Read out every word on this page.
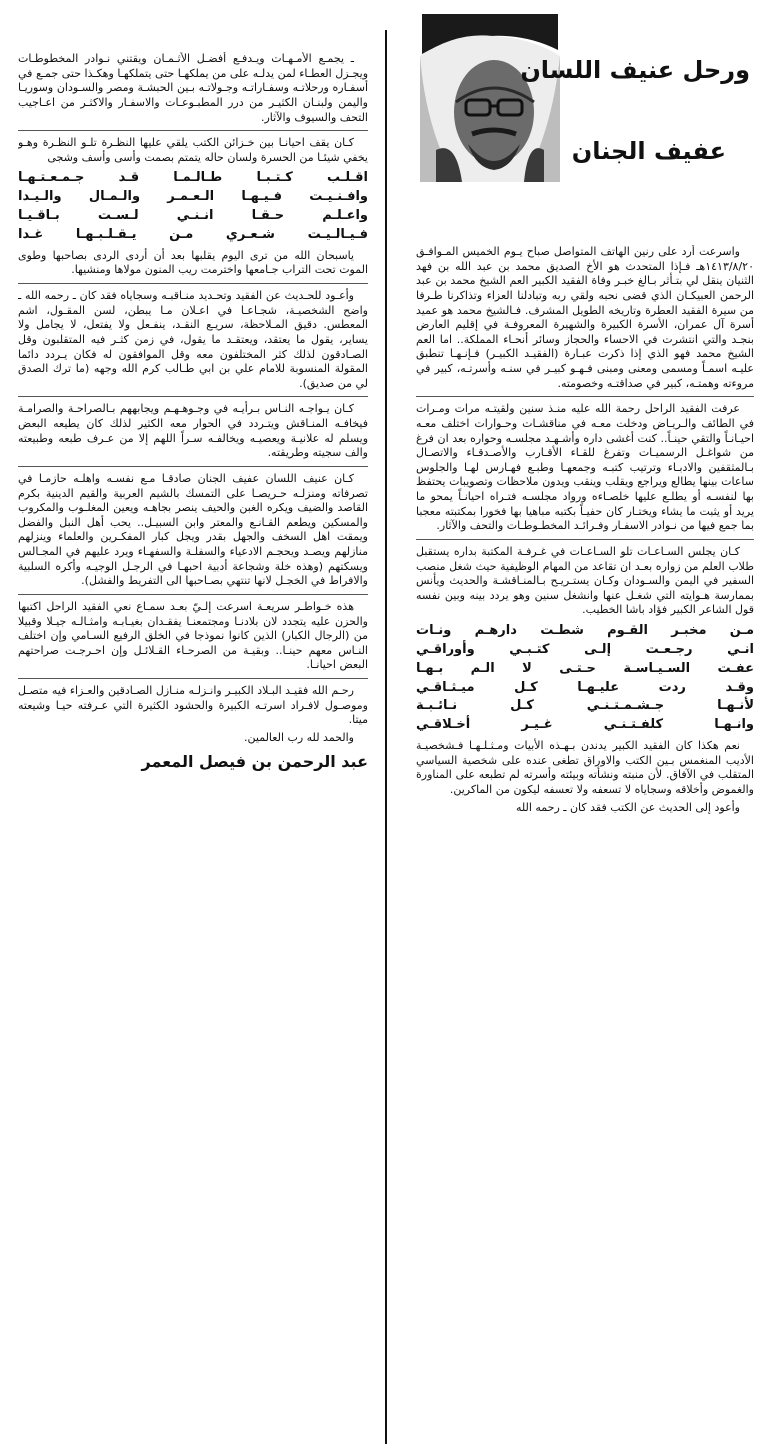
ورحل عنيف اللسان
عفيف الجنان

واسرعت أرد على رنين الهاتف المتواصل صباح يـوم الخميس المـوافـق ١٤١٣/٨/٢٠هـ فـإذا المتحدث هو الأخ الصديق محمد بن عبد الله بن فهد الثنيان ينقل لي بتـأثر بـالغ خبـر وفاة الفقيد الكبير العم الشيخ محمد بن عبد الرحمن العبيكـان الذي قضى نحبه ولقي ربه وتبادلنا العزاء وتذاكرنا طـرفا من سيرة الفقيد العطرة وتاريخه الطويل المشرف. فـالشيخ محمد هو عميد أسرة آل عمران، الأسرة الكبيرة والشهيرة المعروفـة في إقليم العارض بنجـد والتي انتشرت في الاحساء والحجاز وسائر أنحـاء المملكة.. اما العم الشيخ محمد فهو الذي إذا ذكرت عبـارة (الفقيـد الكبيـر) فـإنـهـا تنطبق عليـه اسمـاً ومسمى ومعنى ومبنى فـهـو كبيـر في سنـه وأسرتـه، كبير في مروءته وهمتـه، كبير في صداقتـه وخصومته.

عرفت الفقيد الراحل رحمة الله عليه منـذ سنين ولقيتـه مرات ومـرات في الطائف والـريـاض ودخلت معـه في مناقشـات وحـوارات اختلف معـه احيـانـاً والتقي حينـاً.. كنت أغشى داره وأشـهـد مجلسـه وحواره بعد ان فرغ من شواغـل الرسميـات وتفرغ للقـاء الأقـارب والأصـدقـاء والاتصـال بـالمثقفين والادبـاء وترتيب كتبـه وجمعهـا وطبـع فهـارس لهـا والجلوس ساعات بينها يطالع ويراجع ويقلب وينقب ويدون ملاحظات وتصويبات يحتفظ بها لنفسـه أو يطلـع عليها خلصـاءه ورواد مجلسـه فتـراه احيانـاً يمحو ما يريد أو يثبت ما يشاء ويختـار كان حفيـاً بكتبه مباهيا بها فخورا بمكتبته معجبا بما جمع فيها من نـوادر الاسفـار وفـرائـد المخطـوطـات والتحف والآثار.

كـان يجلس السـاعـات تلو السـاعـات في غـرفـة المكتبة بداره يستقبل طلاب العلم من زواره بعـد ان تقاعد من المهام الوظيفية حيث شغل منصب السفير في اليمن والسـودان وكـان يستـريـح بـالمنـاقشـة والحديث ويأنس بممارسة هـوايته التي شغـل عنها وانشغل سنين وهو يردد بينه وبين نفسه قول الشاعر الكبير فؤاد باشا الخطيب.

مـن مخبـر القـوم شطـت دارهـم ونـات
انـي رجـعـت إلـى كتـبـي وأوراقـي
عفـت السـيـاسـة حـتـى لا الـم بـهـا
وقـد ردت عليـهـا كـل ميـثـاقـي
لأنـهـا جـشـمـتـنـي كـل نـائـبـة
وانـهـا كلفـتـنـي غـيـر أخـلاقـي

نعم هكذا كان الفقيد الكبير يدندن بـهـذه الأبيات ومـثـلـهـا فـشخصيـة الأديب المنغمس بـين الكتب والاوراق تطغى عنده على شخصية السياسي المتقلب في الآفاق. لأن منبته ونشأته وبيئته وأسرته لم تطبعه على المناورة والغموض وأخلاقه وسجاياه لا تسعفه ولا تعسفه ليكون من الماكرين.

وأعود إلى الحديث عن الكتب فقد كان ـ رحمه الله

ـ يجمـع الأمـهـات ويـدفـع أفضـل الأثـمـان ويقتني نـوادر المخطوطـات ويجـزل العطـاء لمن يدلـه على من يملكهـا حتى يتملكهـا وهكـذا حتى جمـع في أسفـاره ورحلاتـه وسفـاراتـه وجـولاتـه بـين الحبشـة ومصر والسـودان وسوريـا واليمن ولبنـان الكثيـر من درر المطبـوعـات والاسفـار والاكثـر من اعـاجيب التحف والسيوف والآثار.

كـان يقف احيانـا بين خـزائن الكتب يلقي عليها النظـرة تلـو النظـرة وهـو يخفي شيئـا من الحسرة ولسان حاله يتمتم بصمت وأسى وأسف وشجى

اقـلـب كـتـبـا طـالـمـا قـد جـمـعـتـهـا
وافـنـيـت فـيـهـا الـعـمـر والـمـال والـيـدا
واعـلـم حـقـا انـنـي لـسـت بـاقـيـا
فـيـالـيـت شـعـري مـن يـقـلـبـهـا غـدا

ياسبحان الله من ترى اليوم يقلبها بعد أن أردى الردى بصاحبها وطوى الموت تحت التراب جـامعها واخترمت ريب المنون مولاها ومنشيها.

وأعـود للحـديث عن الفقيد وتحـديد منـاقبـه وسجاياه فقد كان ـ رحمه الله ـ واضح الشخصيـة، شجـاعـا في اعـلان مـا يبطن، لسن المقـول، اشم المعطس. دقيق المـلاحظة، سريـع النقـد، ينفـعل ولا يفتعل، لا يجامل ولا يساير، يقول ما يعتقد، ويعتقـد ما يقول، في زمن كثـر فيه المتقلبون وقل الصـادقون لذلك كثر المختلفون معه وقل الموافقون له فكان يـردد دائما المقولة المنسوبة للامام علي بن ابي طـالب كرم الله وجهه (ما ترك الصدق لي من صديق).

كـان يـواجـه النـاس بـرأيـه في وجـوهـهـم ويجابههم بـالصراحـة والصرامـة فيخافـه المنـاقش ويتـردد في الحوار معه الكثير لذلك كان يطيعه البعض ويسلم له علانيـة ويعصيـه ويخالفـه سـراً اللهم إلا من عـرف طبعه وطبيعته والف سجيته وطريقته.

كـان عنيف اللسان عفيف الجنان صادقـا مـع نفسـه واهلـه حازمـا في تصرفاته ومنزلـه حـريصـا على التمسك بالشيم العربية والقيم الدينية بكرم القاصد والضيف ويكره الغبن والحيف ينصر بجاهـه ويعين المغلـوب والمكروب والمسكين ويطعم القـانـع والمعتر وابن السبيـل.. يحب أهل النبل والفضل ويمقت اهل السخف والجهل بقدر ويجل كبار المفكـرين والعلماء وينزلهم منازلهم ويصـد ويحجـم الادعياء والسفلـة والسفهـاء ويرد عليهم في المجـالس ويسكتهم (وهذه خلة وشجاعة أدبية احبهـا في الرجـل الوجيـه وأكره السلبية والافراط في الخجـل لانها تنتهي بصـاحبها الى التفريط والفشل).

هذه خـواطـر سريعـة اسرعت إلـيّ بعـد سمـاع نعي الفقيد الراحل اكتبها والحزن عليه يتجدد لان بلادنـا ومجتمعنـا يفقـدان بغيـابـه وامثـالـه جيـلا وقبيلا من (الرجال الكبار) الذين كانوا نموذجا في الخلق الرفيع السـامي وإن اختلف النـاس معهم حينـا.. وبقيـة من الصرحـاء القـلائـل وإن احـرجـت صراحتهم البعض احيانـا.

رحـم الله فقيـد البـلاد الكبيـر وانـزلـه منـازل الصـادقين والعـزاء فيه متصـل وموصـول لافـراد اسرتـه الكبيرة والحشود الكثيرة التي عـرفته حيـا وشيعته ميتا.

والحمد لله رب العالمين.

عبد الرحمن بن فيصل المعمر
